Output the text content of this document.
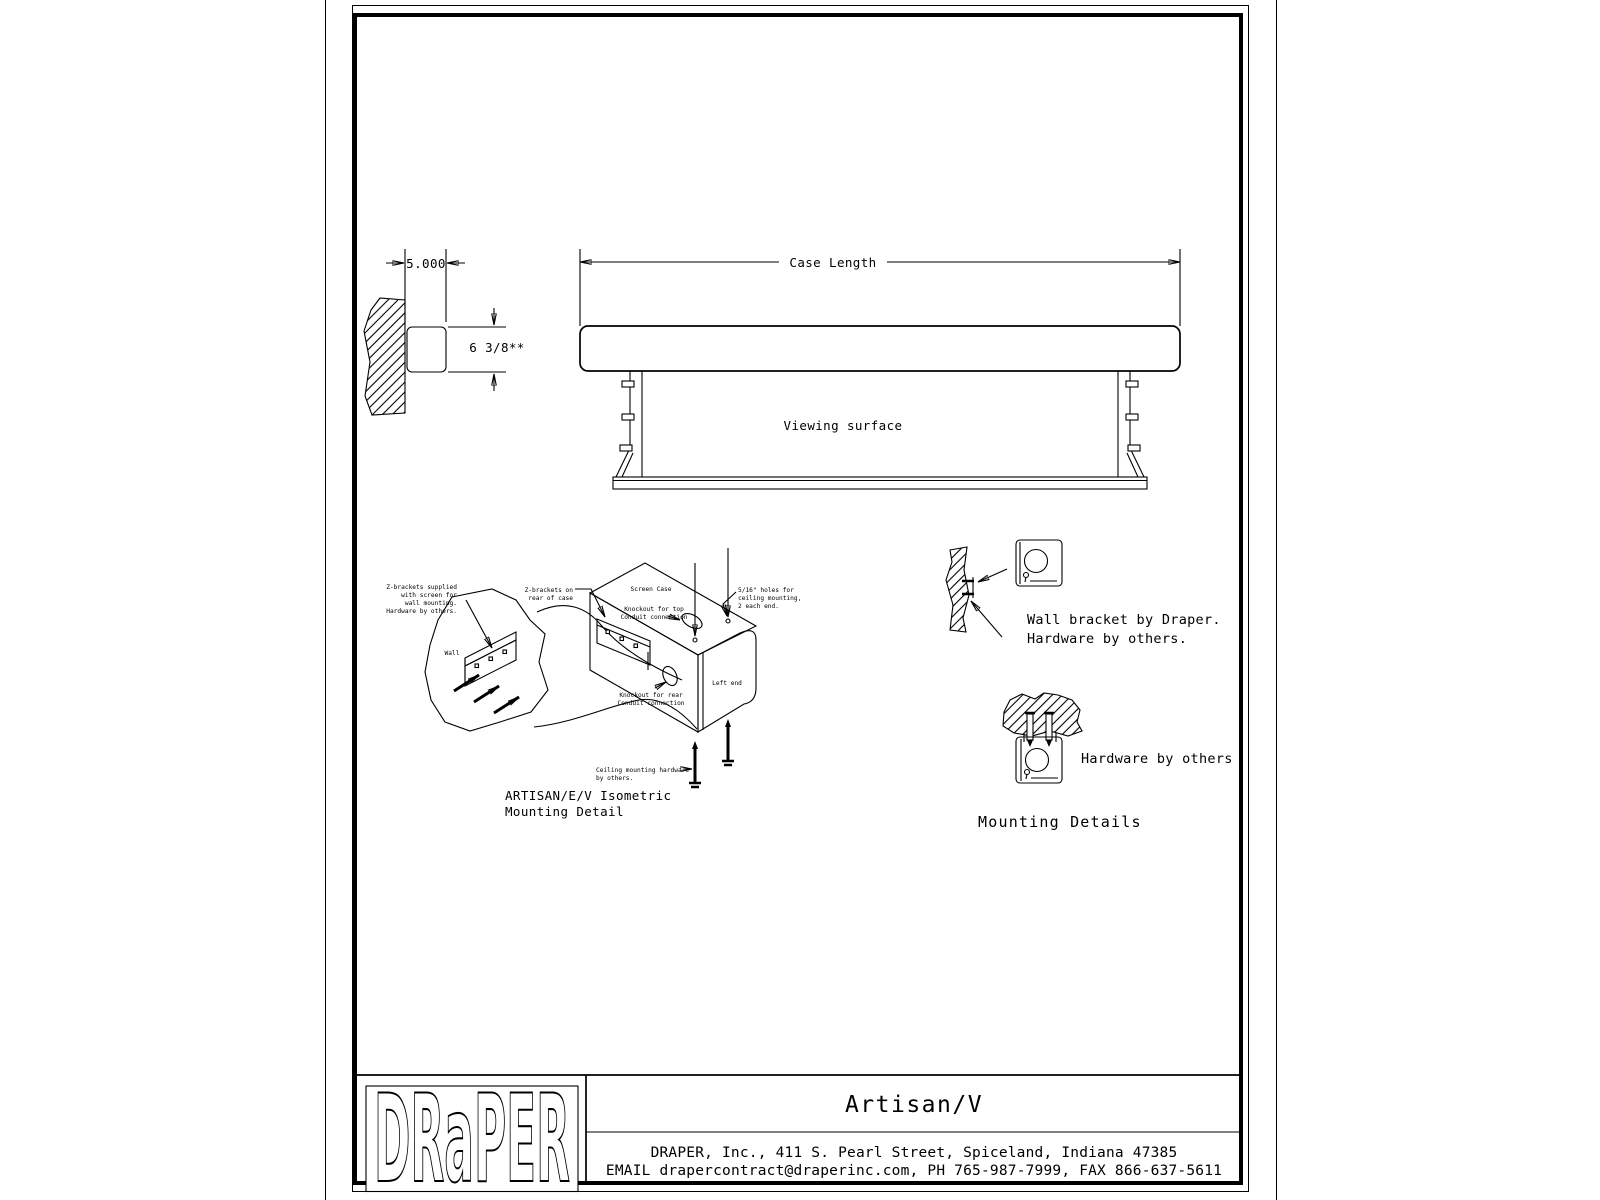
5.000
6 3/8**
Case Length
Viewing surface
Z-brackets supplied
with screen for
wall mounting.
Hardware by others.
Z-brackets on
rear of case
Screen Case
Knockout for top
Conduit connection
Wall
Left end
Knockout for rear
Conduit connection
5/16" holes for
ceiling mounting,
2 each end.
Ceiling mounting hardware
by others.
ARTISAN/E/V Isometric
Mounting Detail
Wall bracket by Draper.
Hardware by others.
Hardware by others
Mounting Details
DRaPER	Artisan/V
DRAPER, Inc., 411 S. Pearl Street, Spiceland, Indiana 47385
EMAIL drapercontract@draperinc.com, PH 765-987-7999, FAX 866-637-5611
